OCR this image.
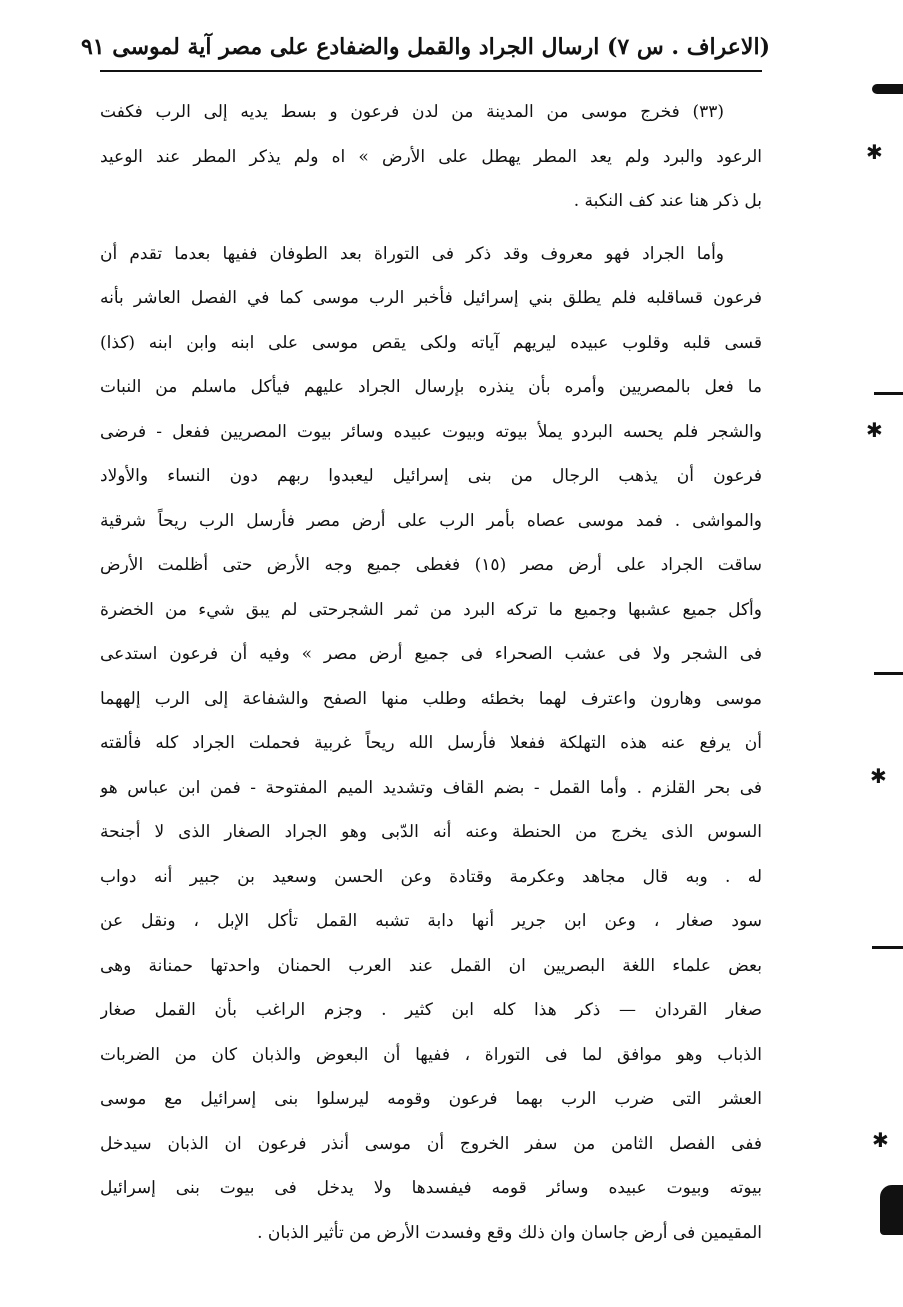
(الاعراف . س ٧) ارسال الجراد والقمل والضفادع على مصر آية لموسى ٩١
(٣٣) فخرج موسى من المدينة من لدن فرعون و بسط يديه إلى الرب فكفت
الرعود والبرد ولم يعد المطر يهطل على الأرض » اه ولم يذكر المطر عند الوعيد
بل ذكر هنا عند كف النكبة .
وأما الجراد فهو معروف وقد ذكر فى التوراة بعد الطوفان ففيها بعدما تقدم أن
فرعون قساقلبه فلم يطلق بني إسرائيل فأخبر الرب موسى كما في الفصل العاشر بأنه
قسى قلبه وقلوب عبيده ليريهم آياته ولكى يقص موسى على ابنه وابن ابنه (كذا)
ما فعل بالمصريين وأمره بأن ينذره بإرسال الجراد عليهم فيأكل ماسلم من النبات
والشجر فلم يحسه البردو يملأ بيوته وبيوت عبيده وسائر بيوت المصريين ففعل - فرضى
فرعون أن يذهب الرجال من بنى إسرائيل ليعبدوا ربهم دون النساء والأولاد
والمواشى . فمد موسى عصاه بأمر الرب على أرض مصر فأرسل الرب ريحاً شرقية
ساقت الجراد على أرض مصر (١٥) فغطى جميع وجه الأرض حتى أظلمت الأرض
وأكل جميع عشبها وجميع ما تركه البرد من ثمر الشجرحتى لم يبق شيء من الخضرة
فى الشجر ولا فى عشب الصحراء فى جميع أرض مصر » وفيه أن فرعون استدعى
موسى وهارون واعترف لهما بخطئه وطلب منها الصفح والشفاعة إلى الرب إلههما
أن يرفع عنه هذه التهلكة ففعلا فأرسل الله ريحاً غربية فحملت الجراد كله فألقته
فى بحر القلزم . وأما القمل - بضم القاف وتشديد الميم المفتوحة - فمن ابن عباس هو
السوس الذى يخرج من الحنطة وعنه أنه الدّبى وهو الجراد الصغار الذى لا أجنحة
له . وبه قال مجاهد وعكرمة وقتادة وعن الحسن وسعيد بن جبير أنه دواب
سود صغار ، وعن ابن جرير أنها دابة تشبه القمل تأكل الإبل ، ونقل عن
بعض علماء اللغة البصريين ان القمل عند العرب الحمنان واحدتها حمنانة وهى
صغار القردان — ذكر هذا كله ابن كثير . وجزم الراغب بأن القمل صغار
الذباب وهو موافق لما فى التوراة ، ففيها أن البعوض والذبان كان من الضربات
العشر التى ضرب الرب بهما فرعون وقومه ليرسلوا بنى إسرائيل مع موسى
ففى الفصل الثامن من سفر الخروج أن موسى أنذر فرعون ان الذبان سيدخل
بيوته وبيوت عبيده وسائر قومه فيفسدها ولا يدخل فى بيوت بنى إسرائيل
المقيمين فى أرض جاسان وان ذلك وقع وفسدت الأرض من تأثير الذبان .
✱
✱
✱
✱
